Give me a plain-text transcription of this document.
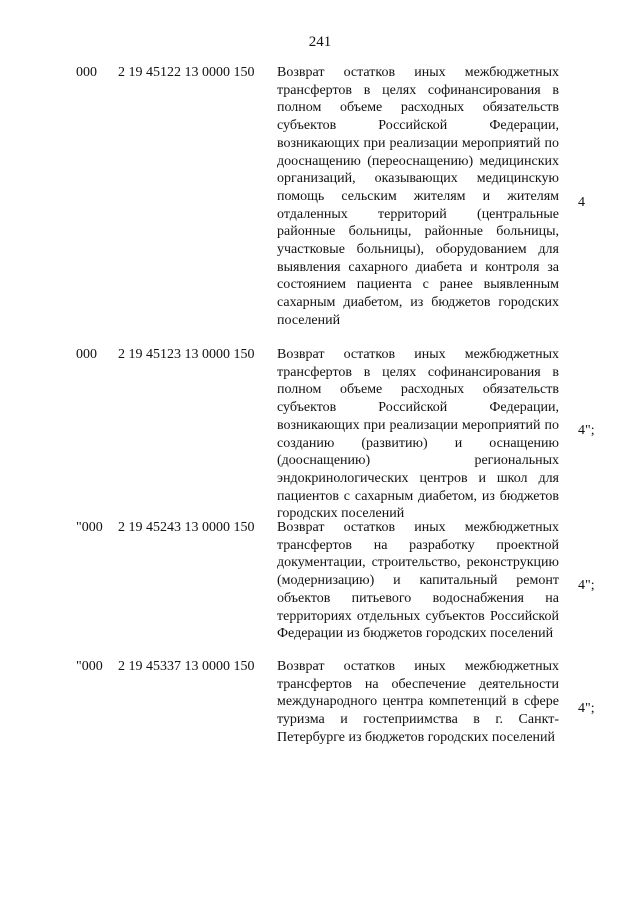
241
000 2 19 45122 13 0000 150 Возврат остатков иных межбюджетных трансфертов в целях софинансирования в полном объеме расходных обязательств субъектов Российской Федерации, возникающих при реализации мероприятий по дооснащению (переоснащению) медицинских организаций, оказывающих медицинскую помощь сельским жителям и жителям отдаленных территорий (центральные районные больницы, районные больницы, участковые больницы), оборудованием для выявления сахарного диабета и контроля за состоянием пациента с ранее выявленным сахарным диабетом, из бюджетов городских поселений
4
000 2 19 45123 13 0000 150 Возврат остатков иных межбюджетных трансфертов в целях софинансирования в полном объеме расходных обязательств субъектов Российской Федерации, возникающих при реализации мероприятий по созданию (развитию) и оснащению (дооснащению) региональных эндокринологических центров и школ для пациентов с сахарным диабетом, из бюджетов городских поселений
4";
"000 2 19 45243 13 0000 150 Возврат остатков иных межбюджетных трансфертов на разработку проектной документации, строительство, реконструкцию (модернизацию) и капитальный ремонт объектов питьевого водоснабжения на территориях отдельных субъектов Российской Федерации из бюджетов городских поселений
4";
"000 2 19 45337 13 0000 150 Возврат остатков иных межбюджетных трансфертов на обеспечение деятельности международного центра компетенций в сфере туризма и гостеприимства в г. Санкт-Петербурге из бюджетов городских поселений
4";
